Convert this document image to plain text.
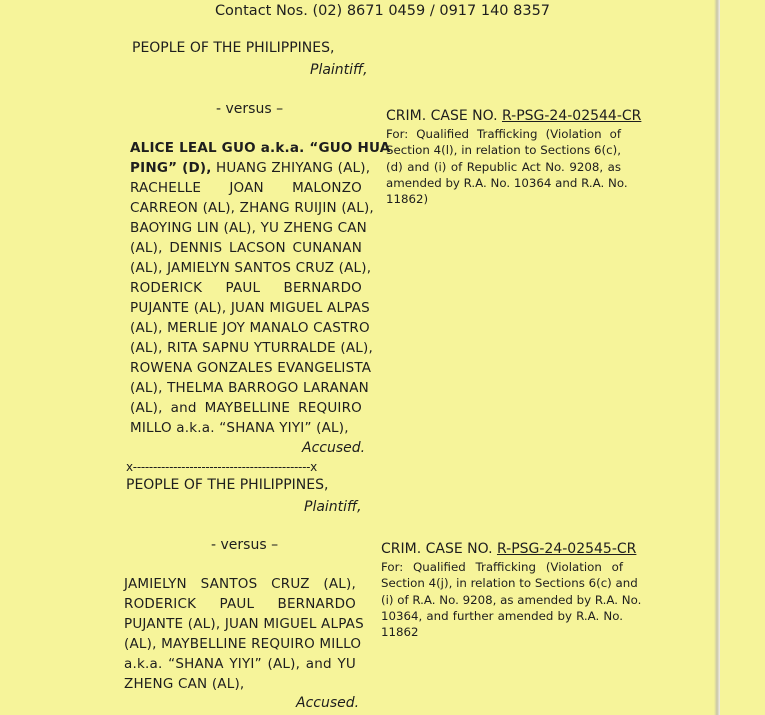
Contact Nos. (02) 8671 0459 / 0917 140 8357
PEOPLE OF THE PHILIPPINES,
Plaintiff,
- versus –
ALICE LEAL GUO a.k.a. “GUO HUA
PING” (D), HUANG ZHIYANG (AL),
RACHELLE JOAN MALONZO
CARREON (AL), ZHANG RUIJIN (AL),
BAOYING LIN (AL), YU ZHENG CAN
(AL), DENNIS LACSON CUNANAN
(AL), JAMIELYN SANTOS CRUZ (AL),
RODERICK PAUL BERNARDO
PUJANTE (AL), JUAN MIGUEL ALPAS
(AL), MERLIE JOY MANALO CASTRO
(AL), RITA SAPNU YTURRALDE (AL),
ROWENA GONZALES EVANGELISTA
(AL), THELMA BARROGO LARANAN
(AL), and MAYBELLINE REQUIRO
MILLO a.k.a. “SHANA YIYI” (AL),
Accused.
CRIM. CASE NO. R-PSG-24-02544-CR
For: Qualified Trafficking (Violation of
Section 4(l), in relation to Sections 6(c),
(d) and (i) of Republic Act No. 9208, as
amended by R.A. No. 10364 and R.A. No.
11862)
x--------------------------------------------x
PEOPLE OF THE PHILIPPINES,
Plaintiff,
- versus –	CRIM. CASE NO. R-PSG-24-02545-CR
For: Qualified Trafficking (Violation of
Section 4(j), in relation to Sections 6(c) and
(i) of R.A. No. 9208, as amended by R.A. No.
10364, and further amended by R.A. No.
11862
JAMIELYN SANTOS CRUZ (AL),
RODERICK PAUL BERNARDO
PUJANTE (AL), JUAN MIGUEL ALPAS
(AL), MAYBELLINE REQUIRO MILLO
a.k.a. “SHANA YIYI” (AL), and YU
ZHENG CAN (AL),
Accused.
